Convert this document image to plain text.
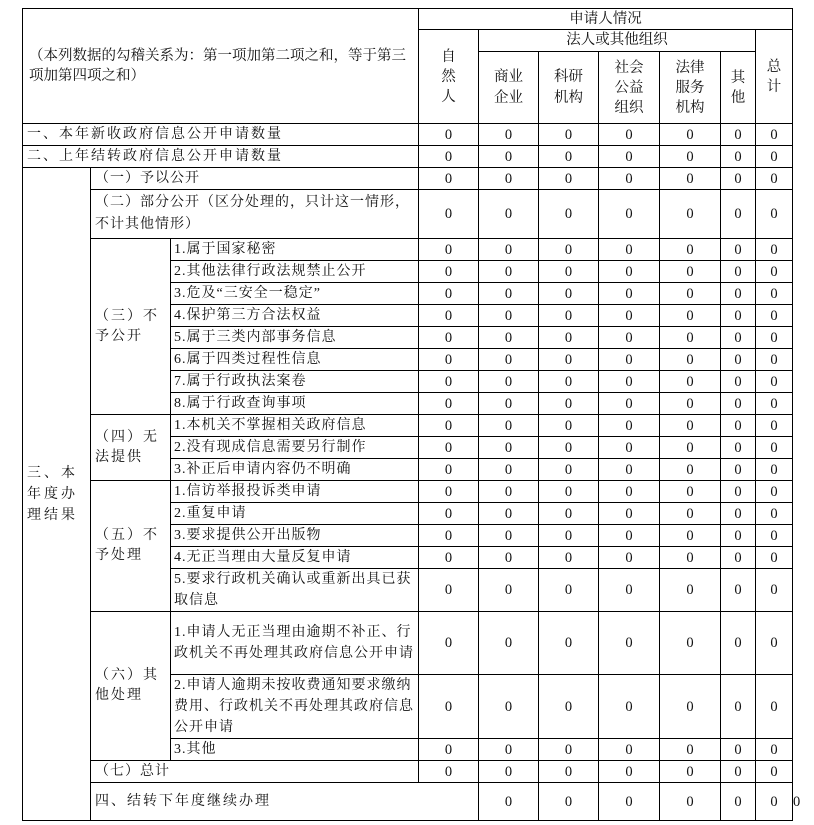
（本列数据的勾稽关系为：第一项加第二项之和，等于第三项加第四项之和）			申请人情况							

			自然人	法人或其他组织					总计	

				商业企业	科研机构	社会公益组织	法律服务机构	其他		

一、本年新收政府信息公开申请数量			0	0	0	0	0	0	0	
二、上年结转政府信息公开申请数量			0	0	0	0	0	0	0	
三、本年度办理结果	（一）予以公开		0	0	0	0	0	0	0	
	（二）部分公开（区分处理的，只计这一情形，不计其他情形）		0	0	0	0	0	0	0	
	（三）不予公开	1.属于国家秘密	0	0	0	0	0	0	0	
		2.其他法律行政法规禁止公开	0	0	0	0	0	0	0	
		3.危及“三安全一稳定”	0	0	0	0	0	0	0	
		4.保护第三方合法权益	0	0	0	0	0	0	0	
		5.属于三类内部事务信息	0	0	0	0	0	0	0	
		6.属于四类过程性信息	0	0	0	0	0	0	0	
		7.属于行政执法案卷	0	0	0	0	0	0	0	
		8.属于行政查询事项	0	0	0	0	0	0	0	
	（四）无法提供	1.本机关不掌握相关政府信息	0	0	0	0	0	0	0	
		2.没有现成信息需要另行制作	0	0	0	0	0	0	0	
		3.补正后申请内容仍不明确	0	0	0	0	0	0	0	
	（五）不予处理	1.信访举报投诉类申请	0	0	0	0	0	0	0	
		2.重复申请	0	0	0	0	0	0	0	
		3.要求提供公开出版物	0	0	0	0	0	0	0	
		4.无正当理由大量反复申请	0	0	0	0	0	0	0	
		5.要求行政机关确认或重新出具已获取信息	0	0	0	0	0	0	0	
	（六）其他处理	1.申请人无正当理由逾期不补正、行政机关不再处理其政府信息公开申请	0	0	0	0	0	0	0	
		2.申请人逾期未按收费通知要求缴纳费用、行政机关不再处理其政府信息公开申请	0	0	0	0	0	0	0	
		3.其他	0	0	0	0	0	0	0	
	（七）总计		0	0	0	0	0	0	0	
	四、结转下年度继续办理			0	0	0	0	0	0	0
